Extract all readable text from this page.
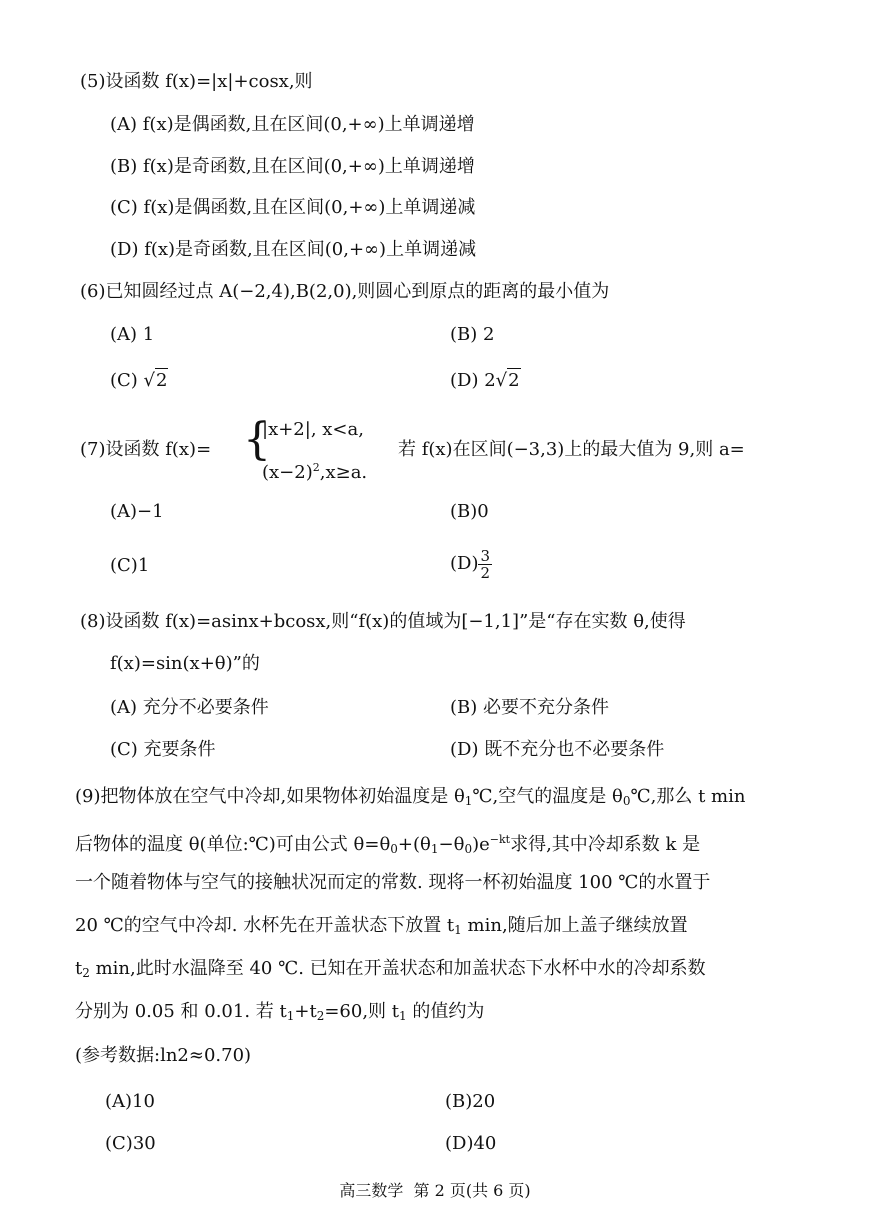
(5)设函数 f(x)=|x|+cosx,则
(A) f(x)是偶函数,且在区间(0,+∞)上单调递增
(B) f(x)是奇函数,且在区间(0,+∞)上单调递增
(C) f(x)是偶函数,且在区间(0,+∞)上单调递减
(D) f(x)是奇函数,且在区间(0,+∞)上单调递减
(6)已知圆经过点 A(−2,4),B(2,0),则圆心到原点的距离的最小值为
(A) 1	(B) 2
(C) √2	(D) 2√2
(7)设函数 f(x)= {
|x+2|, x<a,
$(x-2)^2,x\ge a$.
若 f(x)在区间(−3,3)上的最大值为 9,则 a=
(A)−1	(B)0
(C)1	$(D) \frac{3}{2}$
(8)设函数 f(x)=asinx+bcosx,则“f(x)的值域为[−1,1]”是“存在实数 θ,使得
f(x)=sin(x+θ)”的
(A) 充分不必要条件	(B) 必要不充分条件
(C) 充要条件	(D) 既不充分也不必要条件
(9)把物体放在空气中冷却,如果物体初始温度是 $\theta_1℃$,空气的温度是 $\theta_0℃$,那么 t min
后物体的温度 θ(单位:℃)可由公式 $\theta=\theta_0+(\theta_1-\theta_0)e^{-kt}$求得,其中冷却系数 k 是
一个随着物体与空气的接触状况而定的常数. 现将一杯初始温度 100 ℃的水置于
20 ℃的空气中冷却. 水杯先在开盖状态下放置 $t_1$ min,随后加上盖子继续放置
$t_2$ min,此时水温降至 40 ℃. 已知在开盖状态和加盖状态下水杯中水的冷却系数
分别为 0.05 和 0.01. 若 $t_1+t_2=60$,则 $t_1$ 的值约为
(参考数据:ln2≈0.70)
(A)10	(B)20
(C)30	(D)40
高三数学  第 2 页(共 6 页)
